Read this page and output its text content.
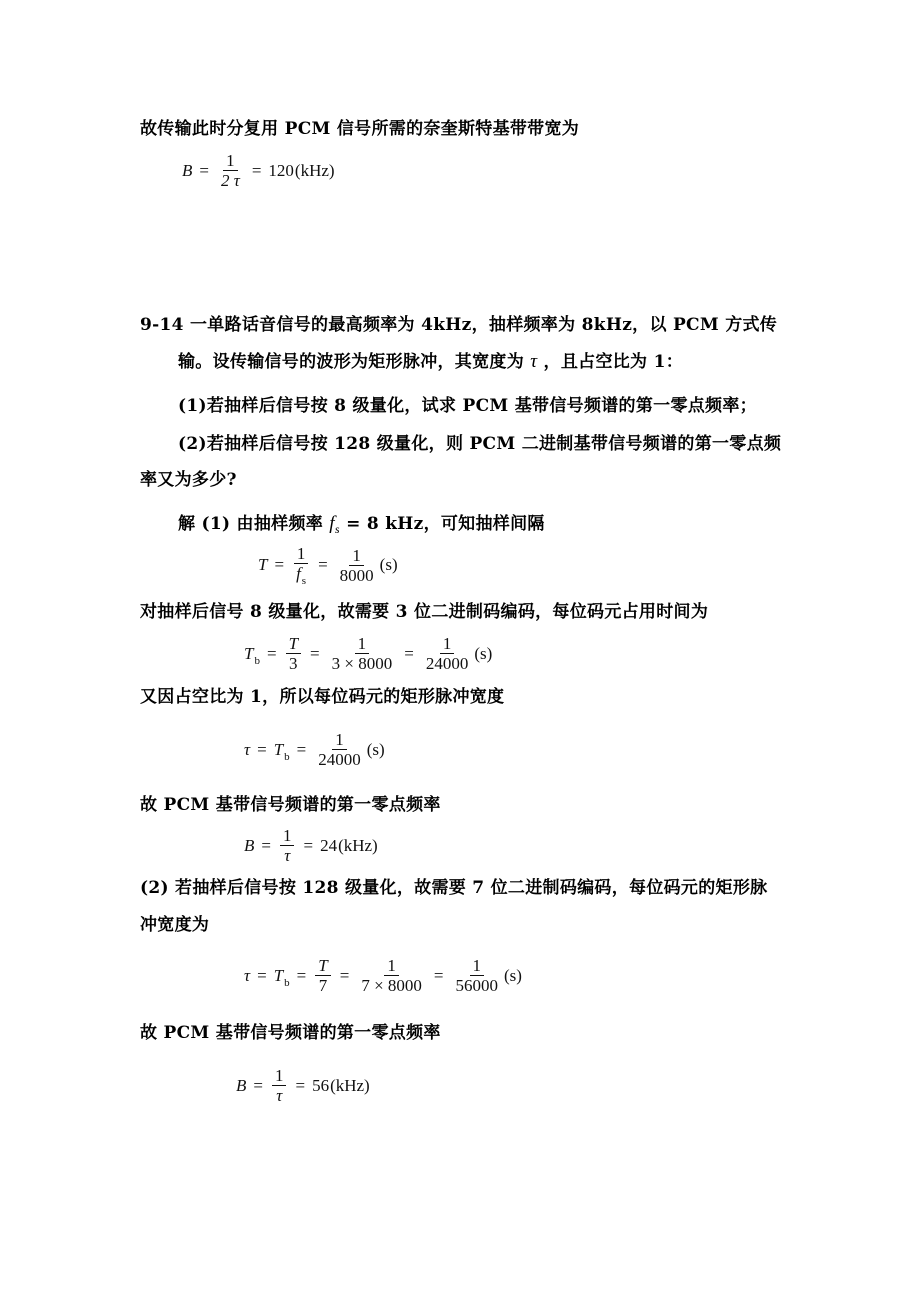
故传输此时分复用 PCM 信号所需的奈奎斯特基带带宽为
$B = \frac{1}{2 \tau} = 120$ (kHz)
9-14 一单路话音信号的最高频率为 4kHz，抽样频率为 8kHz，以 PCM 方式传
输。设传输信号的波形为矩形脉冲，其宽度为 τ ，且占空比为 1：
(1)若抽样后信号按 8 级量化，试求 PCM 基带信号频谱的第一零点频率；
(2)若抽样后信号按 128 级量化，则 PCM 二进制基带信号频谱的第一零点频
率又为多少?
解 (1) 由抽样频率 $f_s = 8$ kHz，可知抽样间隔
$T = \frac{1}{f_s} = \frac{1}{8000} (s)$
对抽样后信号 8 级量化，故需要 3 位二进制码编码，每位码元占用时间为
$T_b = \frac{T}{3} = \frac{1}{3 \times 8000} = \frac{1}{24000} (s)$
又因占空比为 1，所以每位码元的矩形脉冲宽度
$\tau = T_b = \frac{1}{24000} (s)$
故 PCM 基带信号频谱的第一零点频率
$B = \frac{1}{\tau} = 24$ (kHz)
(2) 若抽样后信号按 128 级量化，故需要 7 位二进制码编码，每位码元的矩形脉
冲宽度为
$\tau = T_b = \frac{T}{7} = \frac{1}{7 \times 8000} = \frac{1}{56000} (s)$
故 PCM 基带信号频谱的第一零点频率
$B = \frac{1}{\tau} = 56$ (kHz)
